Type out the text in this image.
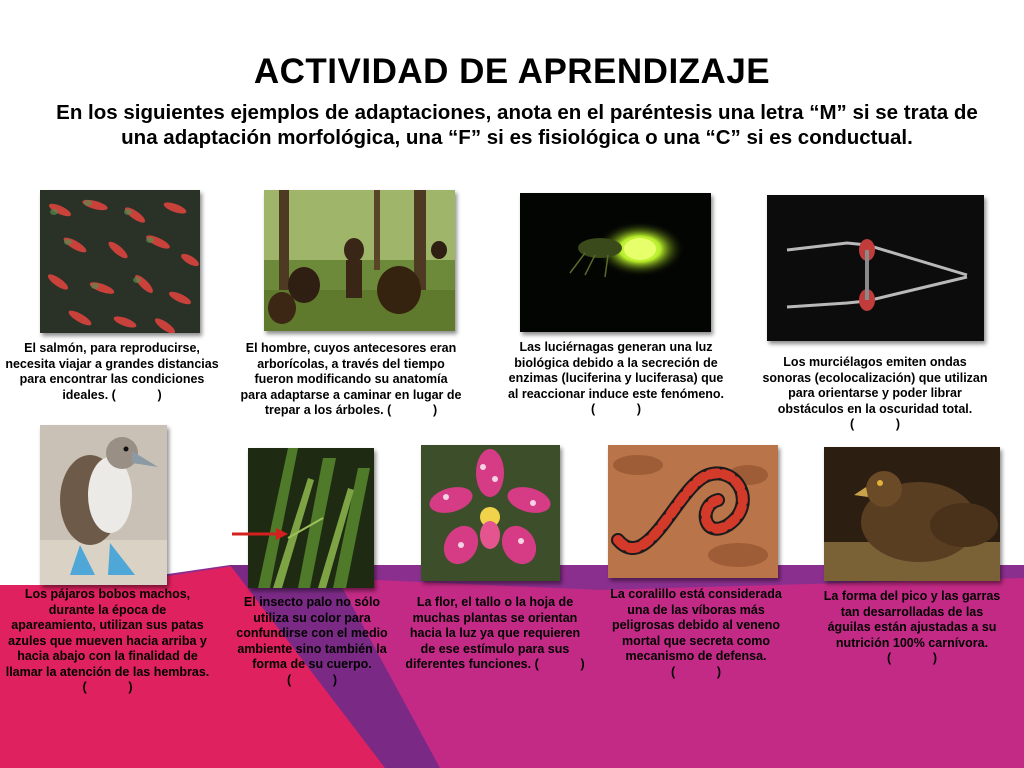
ACTIVIDAD DE APRENDIZAJE
En los siguientes ejemplos de adaptaciones, anota en el paréntesis una letra “M” si se trata de una adaptación morfológica, una “F” si es fisiológica o una “C” si es conductual.
El salmón, para reproducirse, necesita viajar a grandes distancias para encontrar las condiciones ideales. (            )
El hombre, cuyos antecesores eran arborícolas, a través del tiempo fueron modificando su anatomía para adaptarse a caminar en lugar de trepar a los árboles. (            )
Las luciérnagas generan una luz biológica debido a la secreción de enzimas (luciferina y luciferasa) que al reaccionar induce este fenómeno. (            )
Los murciélagos emiten ondas sonoras (ecolocalización) que utilizan para orientarse y poder librar obstáculos en la oscuridad total. (            )
Los pájaros bobos machos, durante la época de apareamiento, utilizan sus patas azules que mueven hacia arriba y hacia abajo con la finalidad de llamar la atención de las hembras. (            )
El insecto palo no sólo utiliza su color para confundirse con el medio ambiente sino también la forma de su cuerpo. (            )
La flor, el tallo o la hoja de muchas plantas se orientan hacia la luz ya que requieren de ese estímulo para sus diferentes funciones. (            )
La coralillo está considerada una de las víboras más peligrosas debido al veneno mortal que secreta como mecanismo de defensa. (            )
La forma del pico y las garras tan desarrolladas de las águilas están ajustadas a su nutrición 100% carnívora. (            )
